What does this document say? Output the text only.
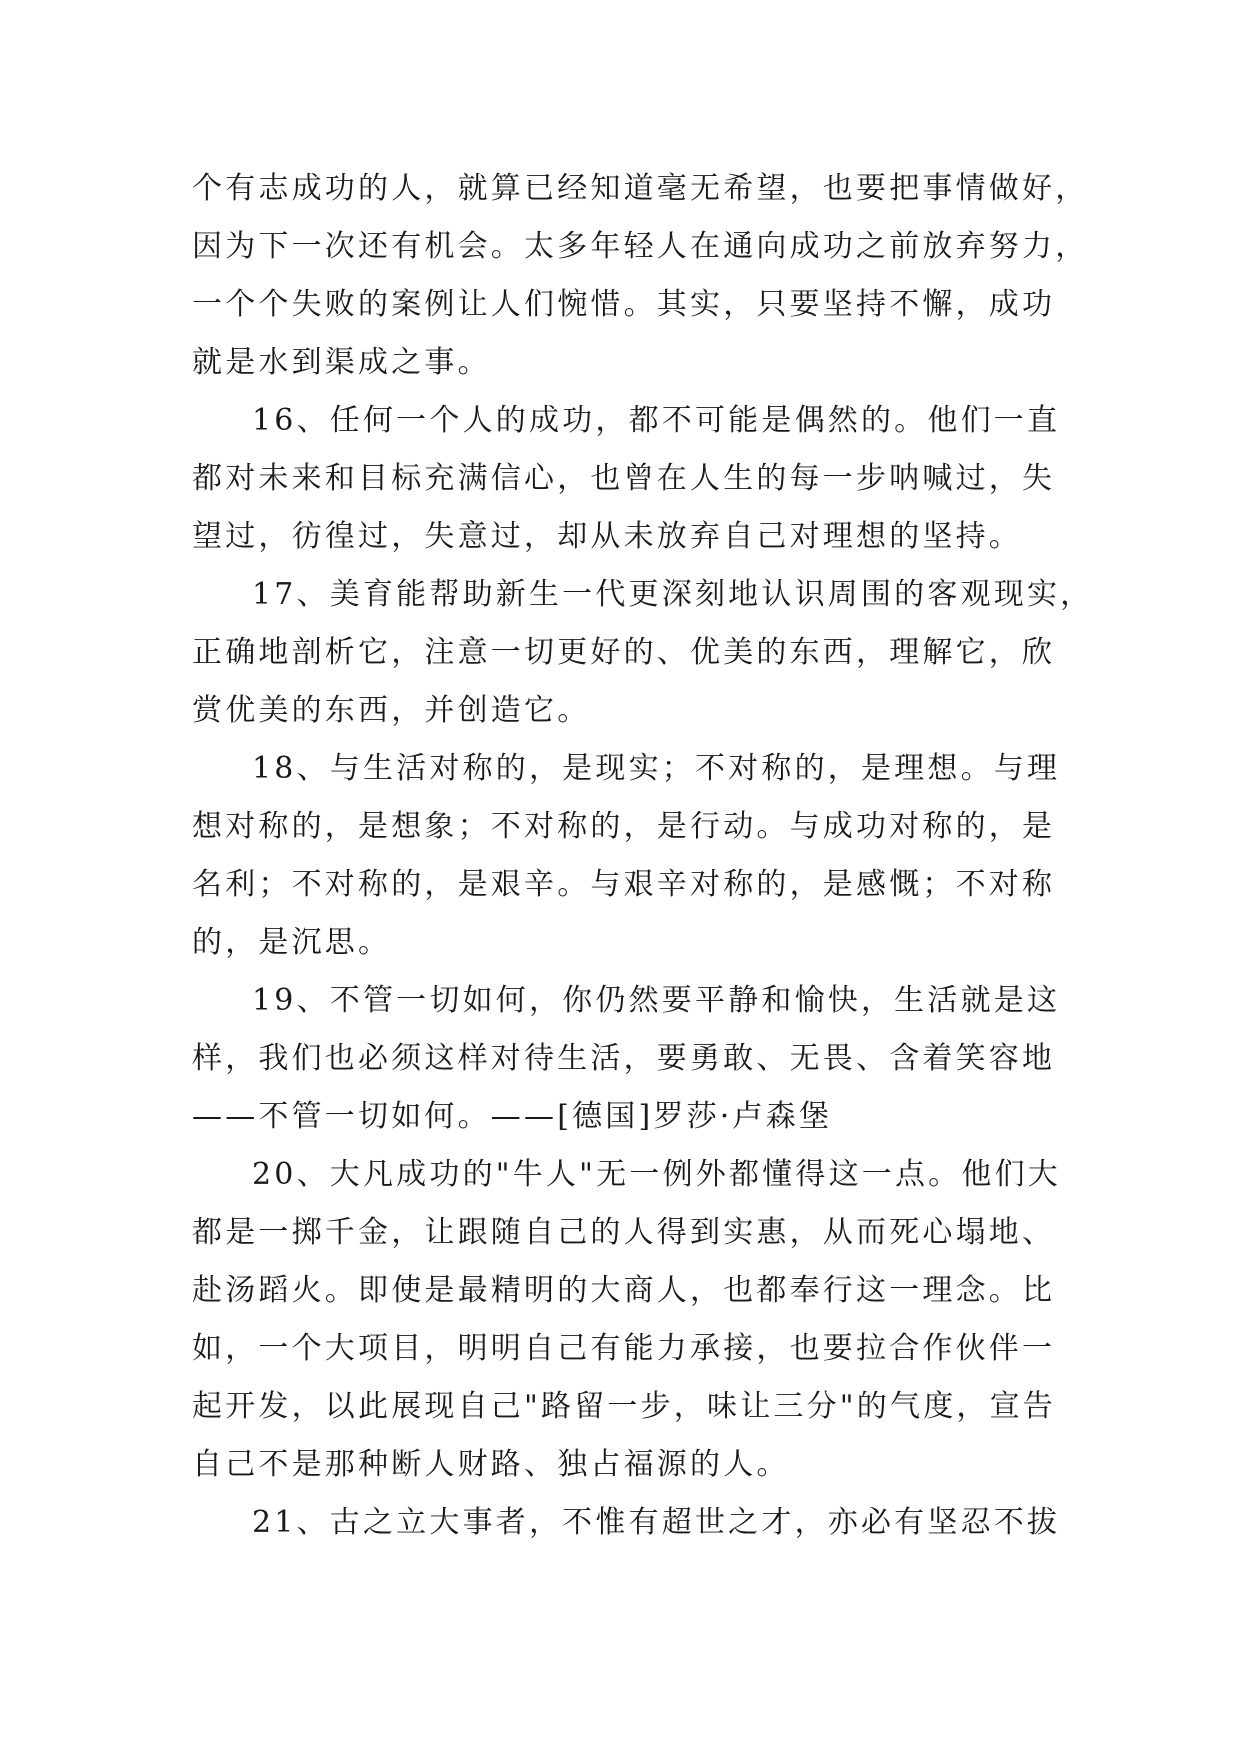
个有志成功的人，就算已经知道毫无希望，也要把事情做好，
因为下一次还有机会。太多年轻人在通向成功之前放弃努力，
一个个失败的案例让人们惋惜。其实，只要坚持不懈，成功
就是水到渠成之事。
16、任何一个人的成功，都不可能是偶然的。他们一直
都对未来和目标充满信心，也曾在人生的每一步呐喊过，失
望过，彷徨过，失意过，却从未放弃自己对理想的坚持。
17、美育能帮助新生一代更深刻地认识周围的客观现实，
正确地剖析它，注意一切更好的、优美的东西，理解它，欣
赏优美的东西，并创造它。
18、与生活对称的，是现实；不对称的，是理想。与理
想对称的，是想象；不对称的，是行动。与成功对称的，是
名利；不对称的，是艰辛。与艰辛对称的，是感慨；不对称
的，是沉思。
19、不管一切如何，你仍然要平静和愉快，生活就是这
样，我们也必须这样对待生活，要勇敢、无畏、含着笑容地
——不管一切如何。——[德国]罗莎·卢森堡
20、大凡成功的"牛人"无一例外都懂得这一点。他们大
都是一掷千金，让跟随自己的人得到实惠，从而死心塌地、
赴汤蹈火。即使是最精明的大商人，也都奉行这一理念。比
如，一个大项目，明明自己有能力承接，也要拉合作伙伴一
起开发，以此展现自己"路留一步，味让三分"的气度，宣告
自己不是那种断人财路、独占福源的人。
21、古之立大事者，不惟有超世之才，亦必有坚忍不拔
